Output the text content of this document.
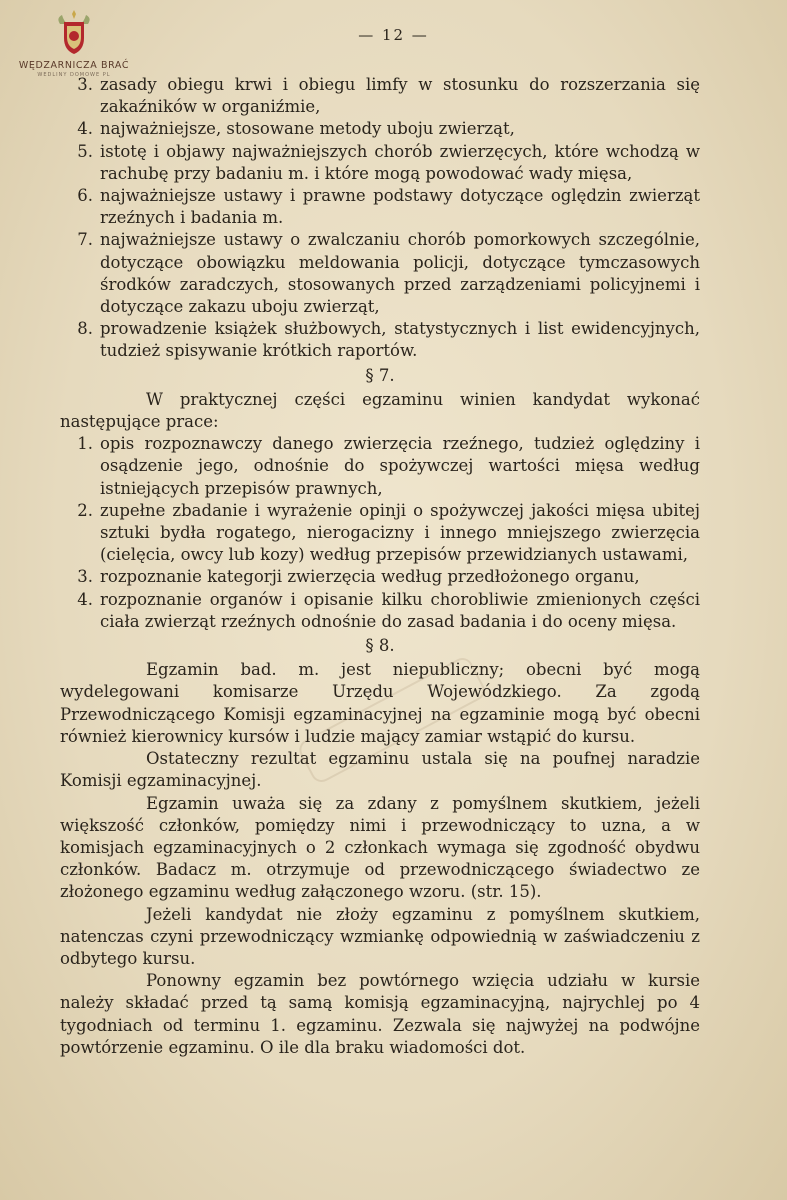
WĘDZARNICZA BRAĆ
WEDLINY DOMOWE PL
— 12 —
3. zasady obiegu krwi i obiegu limfy w stosunku do rozszerzania się zakaźników w organiźmie,
4. najważniejsze, stosowane metody uboju zwierząt,
5. istotę i objawy najważniejszych chorób zwierzęcych, które wchodzą w rachubę przy badaniu m. i które mogą powodować wady mięsa,
6. najważniejsze ustawy i prawne podstawy dotyczące oględzin zwierząt rzeźnych i badania m.
7. najważniejsze ustawy o zwalczaniu chorób pomorkowych szczególnie, dotyczące obowiązku meldowania policji, dotyczące tymczasowych środków zaradczych, stosowanych przed zarządzeniami policyjnemi i dotyczące zakazu uboju zwierząt,
8. prowadzenie książek służbowych, statystycznych i list ewidencyjnych, tudzież spisywanie krótkich raportów.
§ 7.
W praktycznej części egzaminu winien kandydat wykonać następujące prace:
1. opis rozpoznawczy danego zwierzęcia rzeźnego, tudzież oględziny i osądzenie jego, odnośnie do spożywczej wartości mięsa według istniejących przepisów prawnych,
2. zupełne zbadanie i wyrażenie opinji o spożywczej jakości mięsa ubitej sztuki bydła rogatego, nierogacizny i innego mniejszego zwierzęcia (cielęcia, owcy lub kozy) według przepisów przewidzianych ustawami,
3. rozpoznanie kategorji zwierzęcia według przedłożonego organu,
4. rozpoznanie organów i opisanie kilku chorobliwie zmienionych części ciała zwierząt rzeźnych odnośnie do zasad badania i do oceny mięsa.
§ 8.
Egzamin bad. m. jest niepubliczny; obecni być mogą wydelegowani komisarze Urzędu Wojewódzkiego. Za zgodą Przewodniczącego Komisji egzaminacyjnej na egzaminie mogą być obecni również kierownicy kursów i ludzie mający zamiar wstąpić do kursu.
Ostateczny rezultat egzaminu ustala się na poufnej naradzie Komisji egzaminacyjnej.
Egzamin uważa się za zdany z pomyślnem skutkiem, jeżeli większość członków, pomiędzy nimi i przewodniczący to uzna, a w komisjach egzaminacyjnych o 2 członkach wymaga się zgodność obydwu członków. Badacz m. otrzymuje od przewodniczącego świadectwo ze złożonego egzaminu według załączonego wzoru. (str. 15).
Jeżeli kandydat nie złoży egzaminu z pomyślnem skutkiem, natenczas czyni przewodniczący wzmiankę odpowiednią w zaświadczeniu z odbytego kursu.
Ponowny egzamin bez powtórnego wzięcia udziału w kursie należy składać przed tą samą komisją egzaminacyjną, najrychlej po 4 tygodniach od terminu 1. egzaminu. Zezwala się najwyżej na podwójne powtórzenie egzaminu. O ile dla braku wiadomości dot.
